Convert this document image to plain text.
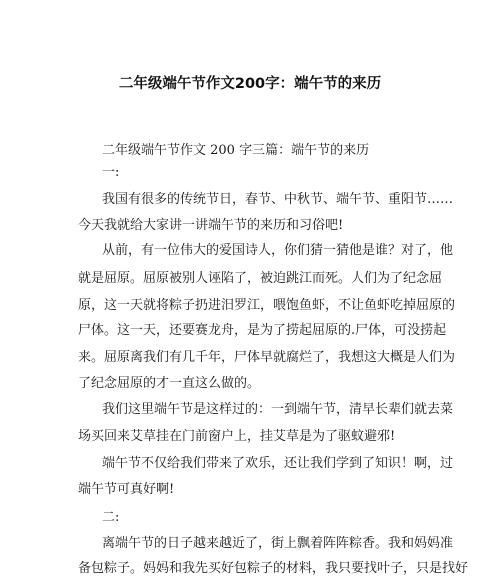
二年级端午节作文200字：端午节的来历
二年级端午节作文 200 字三篇：端午节的来历
一:
我国有很多的传统节日，春节、中秋节、端午节、重阳节……
今天我就给大家讲一讲端午节的来历和习俗吧!
从前，有一位伟大的爱国诗人，你们猜一猜他是谁？对了，他
就是屈原。屈原被别人诬陷了，被迫跳江而死。人们为了纪念屈
原，这一天就将粽子扔进汨罗江，喂饱鱼虾，不让鱼虾吃掉屈原的
尸体。这一天，还要赛龙舟，是为了捞起屈原的.尸体，可没捞起
来。屈原离我们有几千年，尸体早就腐烂了，我想这大概是人们为
了纪念屈原的才一直这么做的。
我们这里端午节是这样过的：一到端午节，清早长辈们就去菜
场买回来艾草挂在门前窗户上，挂艾草是为了驱蚊避邪!
端午节不仅给我们带来了欢乐，还让我们学到了知识！啊，过
端午节可真好啊!
二:
离端午节的日子越来越近了，街上飘着阵阵粽香。我和妈妈准
备包粽子。妈妈和我先买好包粽子的材料，我只要找叶子，只是找好
